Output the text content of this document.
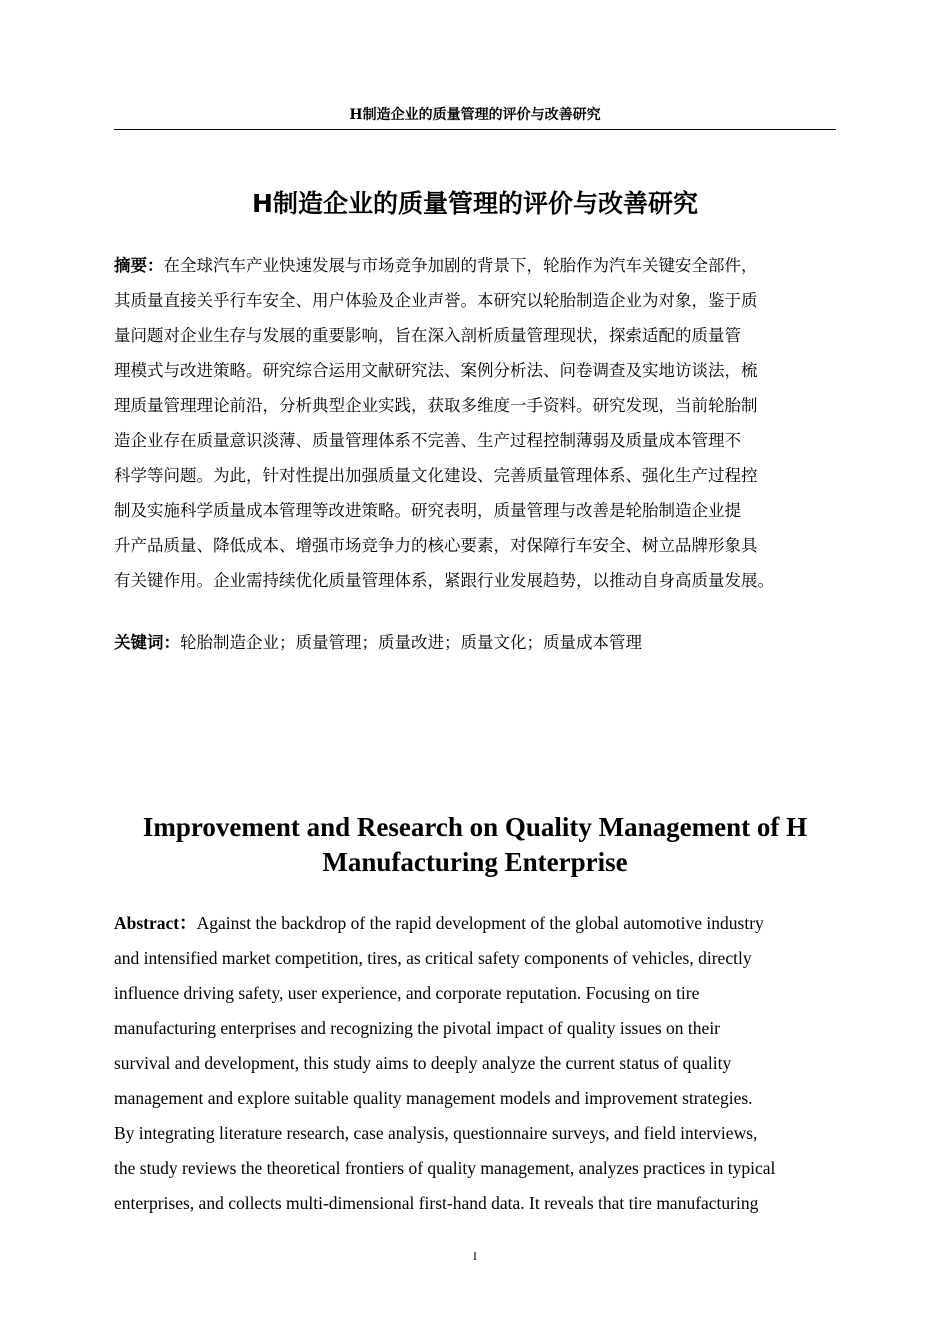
H制造企业的质量管理的评价与改善研究
H制造企业的质量管理的评价与改善研究
摘要：在全球汽车产业快速发展与市场竞争加剧的背景下，轮胎作为汽车关键安全部件，
其质量直接关乎行车安全、用户体验及企业声誉。本研究以轮胎制造企业为对象，鉴于质
量问题对企业生存与发展的重要影响，旨在深入剖析质量管理现状，探索适配的质量管
理模式与改进策略。研究综合运用文献研究法、案例分析法、问卷调查及实地访谈法，梳
理质量管理理论前沿，分析典型企业实践，获取多维度一手资料。研究发现，当前轮胎制
造企业存在质量意识淡薄、质量管理体系不完善、生产过程控制薄弱及质量成本管理不
科学等问题。为此，针对性提出加强质量文化建设、完善质量管理体系、强化生产过程控
制及实施科学质量成本管理等改进策略。研究表明，质量管理与改善是轮胎制造企业提
升产品质量、降低成本、增强市场竞争力的核心要素，对保障行车安全、树立品牌形象具
有关键作用。企业需持续优化质量管理体系，紧跟行业发展趋势，以推动自身高质量发展。
关键词：轮胎制造企业；质量管理；质量改进；质量文化；质量成本管理
Improvement and Research on Quality Management of H
Manufacturing Enterprise
Abstract：Against the backdrop of the rapid development of the global automotive industry
and intensified market competition, tires, as critical safety components of vehicles, directly
influence driving safety, user experience, and corporate reputation. Focusing on tire
manufacturing enterprises and recognizing the pivotal impact of quality issues on their
survival and development, this study aims to deeply analyze the current status of quality
management and explore suitable quality management models and improvement strategies.
By integrating literature research, case analysis, questionnaire surveys, and field interviews,
the study reviews the theoretical frontiers of quality management, analyzes practices in typical
enterprises, and collects multi-dimensional first-hand data. It reveals that tire manufacturing
I
